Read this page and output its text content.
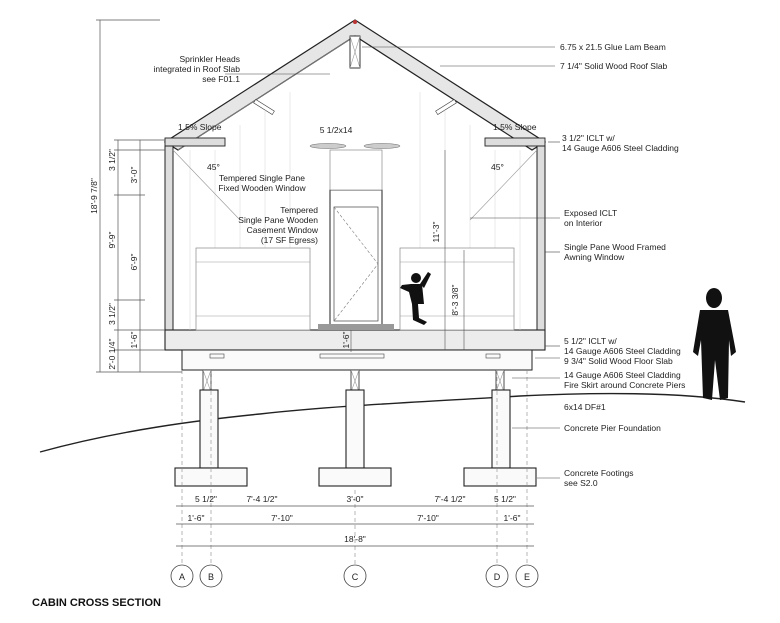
Sprinkler Heads
integrated in Roof Slab
see F01.1
6.75 x 21.5 Glue Lam Beam
7 1/4" Solid Wood Roof Slab
3 1/2" ICLT w/
14 Gauge A606 Steel Cladding
Exposed ICLT
on Interior
Single Pane Wood Framed
Awning Window
5 1/2" ICLT w/
14 Gauge A606 Steel Cladding
9 3/4" Solid Wood Floor Slab
14 Gauge A606 Steel Cladding
Fire Skirt around Concrete Piers
6x14 DF#1
Concrete Pier Foundation
Concrete Footings
see S2.0
Tempered Single Pane
Fixed Wooden Window
Tempered
Single Pane Wooden
Casement Window
(17 SF Egress)
1.5% Slope	1.5% Slope
45°	45°
5 1/2x14
11'-3"
8'-3 3/8"
1'-6"
18'-9 7/8"
3 1/2"
9'-9"
3'-0"
6'-9"
3 1/2"
1'-6"
2'-0 1/4"
5 1/2"	7'-4 1/2"	3'-0"	7'-4 1/2"	5 1/2"
1'-6"	7'-10"	7'-10"	1'-6"
18'-8"
A	B	C	D	E
CABIN CROSS SECTION
